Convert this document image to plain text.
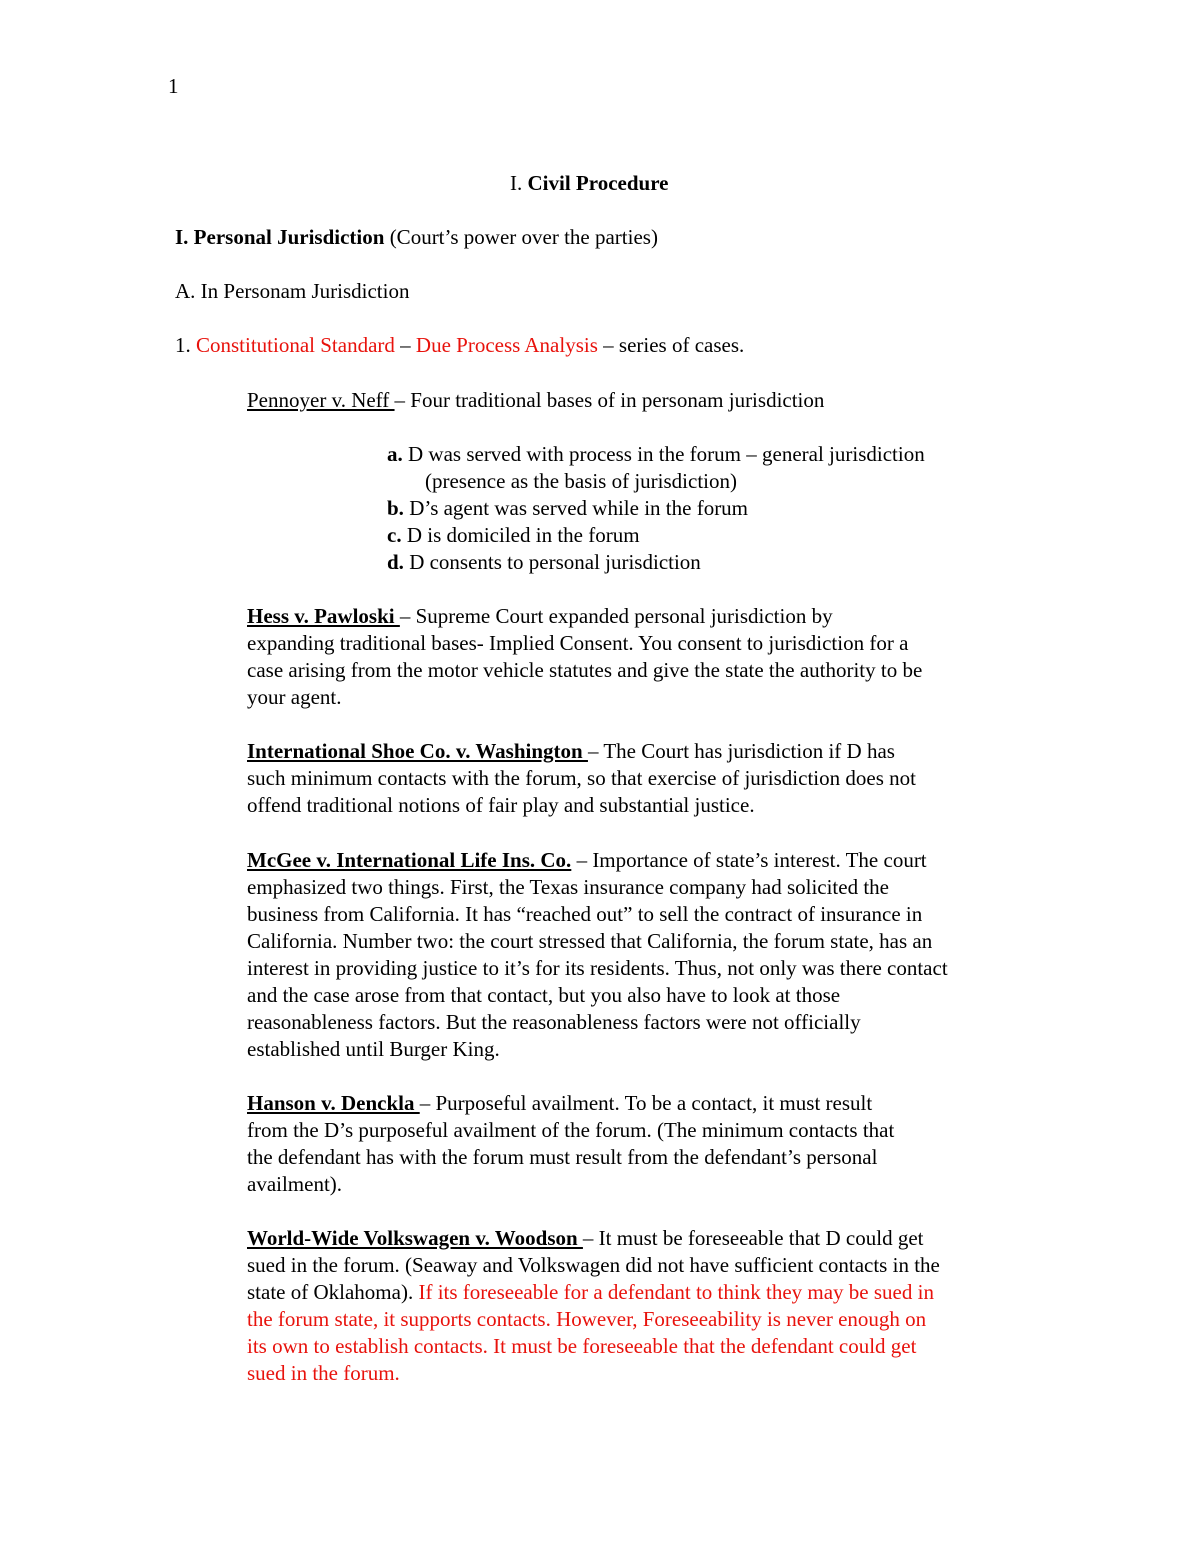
1
I. Civil Procedure
I. Personal Jurisdiction (Court’s power over the parties)
A. In Personam Jurisdiction
1. Constitutional Standard – Due Process Analysis – series of cases.
Pennoyer v. Neff – Four traditional bases of in personam jurisdiction
a. D was served with process in the forum – general jurisdiction
(presence as the basis of jurisdiction)
b. D’s agent was served while in the forum
c. D is domiciled in the forum
d. D consents to personal jurisdiction
Hess v. Pawloski – Supreme Court expanded personal jurisdiction by
expanding traditional bases- Implied Consent. You consent to jurisdiction for a
case arising from the motor vehicle statutes and give the state the authority to be
your agent.
International Shoe Co. v. Washington – The Court has jurisdiction if D has
such minimum contacts with the forum, so that exercise of jurisdiction does not
offend traditional notions of fair play and substantial justice.
McGee v. International Life Ins. Co. – Importance of state’s interest. The court
emphasized two things. First, the Texas insurance company had solicited the
business from California. It has “reached out” to sell the contract of insurance in
California. Number two: the court stressed that California, the forum state, has an
interest in providing justice to it’s for its residents. Thus, not only was there contact
and the case arose from that contact, but you also have to look at those
reasonableness factors. But the reasonableness factors were not officially
established until Burger King.
Hanson v. Denckla – Purposeful availment. To be a contact, it must result
from the D’s purposeful availment of the forum. (The minimum contacts that
the defendant has with the forum must result from the defendant’s personal
availment).
World-Wide Volkswagen v. Woodson – It must be foreseeable that D could get
sued in the forum. (Seaway and Volkswagen did not have sufficient contacts in the
state of Oklahoma). If its foreseeable for a defendant to think they may be sued in
the forum state, it supports contacts. However, Foreseeability is never enough on
its own to establish contacts. It must be foreseeable that the defendant could get
sued in the forum.
